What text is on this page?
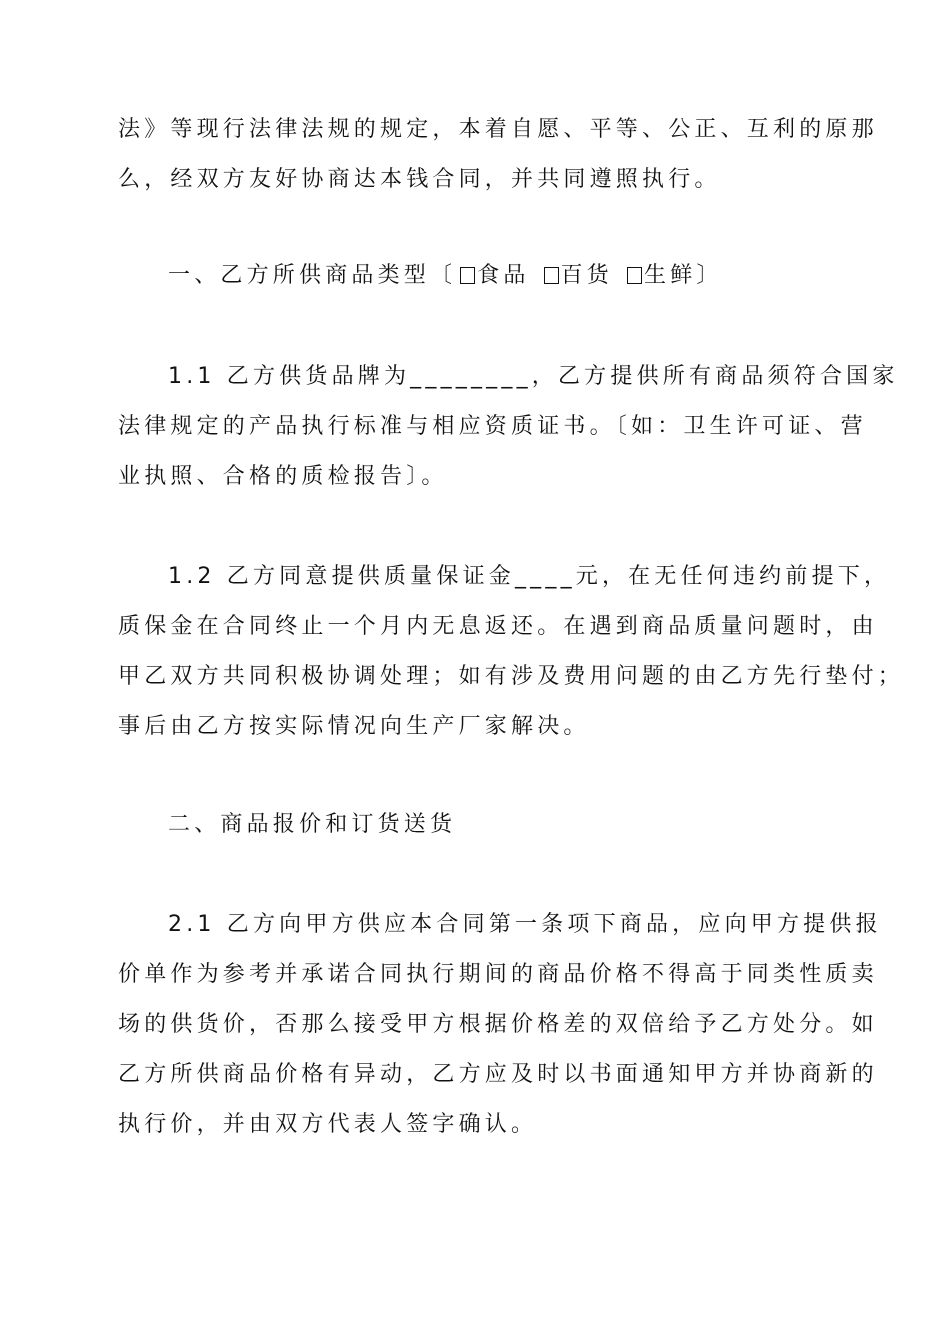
法》等现行法律法规的规定，本着自愿、平等、公正、互利的原那
么，经双方友好协商达本钱合同，并共同遵照执行。
一、乙方所供商品类型〔 食品 百货 生鲜〕
1.1 乙方供货品牌为________，乙方提供所有商品须符合国家
法律规定的产品执行标准与相应资质证书。〔如：卫生许可证、营
业执照、合格的质检报告〕。
1.2 乙方同意提供质量保证金____元，在无任何违约前提下，
质保金在合同终止一个月内无息返还。在遇到商品质量问题时，由
甲乙双方共同积极协调处理；如有涉及费用问题的由乙方先行垫付；
事后由乙方按实际情况向生产厂家解决。
二、商品报价和订货送货
2.1 乙方向甲方供应本合同第一条项下商品，应向甲方提供报
价单作为参考并承诺合同执行期间的商品价格不得高于同类性质卖
场的供货价，否那么接受甲方根据价格差的双倍给予乙方处分。如
乙方所供商品价格有异动，乙方应及时以书面通知甲方并协商新的
执行价，并由双方代表人签字确认。
